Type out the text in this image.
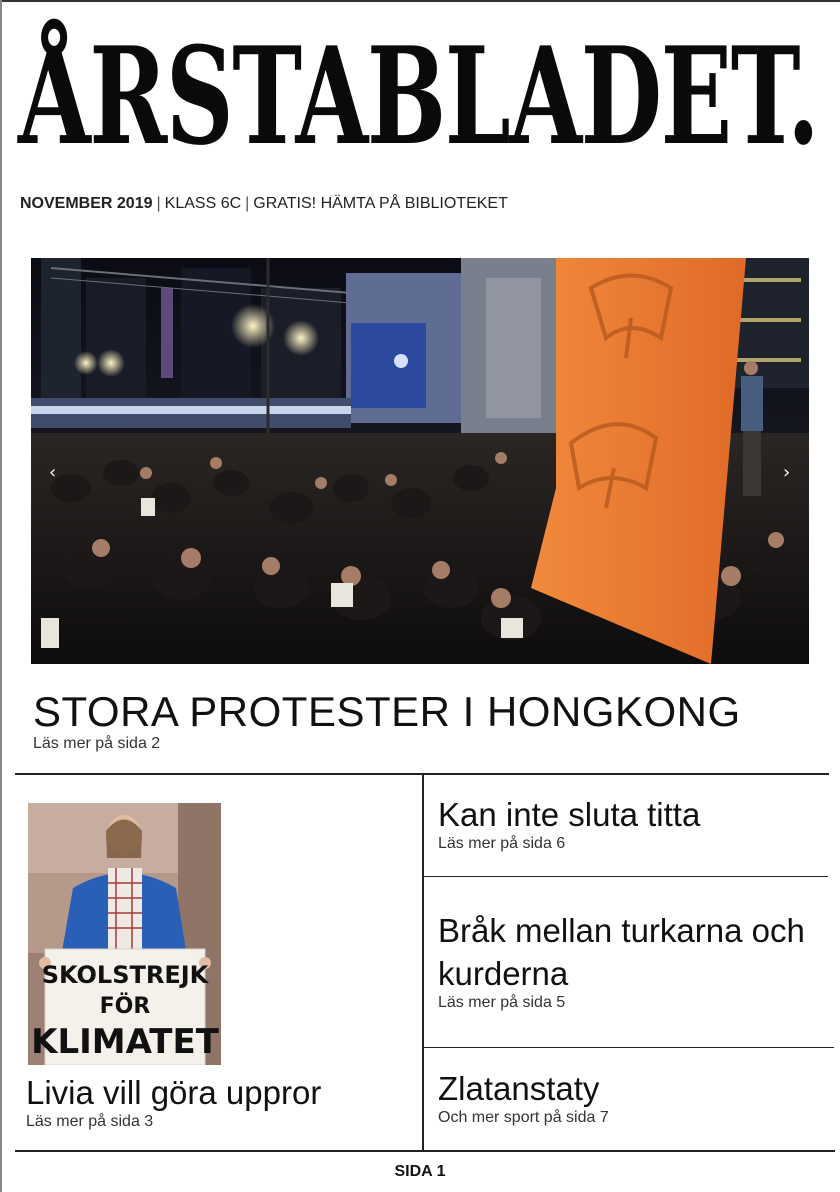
ÅRSTABLADET.
NOVEMBER 2019 | KLASS 6C | GRATIS! HÄMTA PÅ BIBLIOTEKET
‹	›
STORA PROTESTER I HONGKONG
Läs mer på sida 2
SKOLSTREJK
FÖR
KLIMATET
Livia vill göra uppror
Läs mer på sida 3
Kan inte sluta titta
Läs mer på sida 6
Bråk mellan turkarna och
kurderna
Läs mer på sida 5
Zlatanstaty
Och mer sport på sida 7
SIDA 1
